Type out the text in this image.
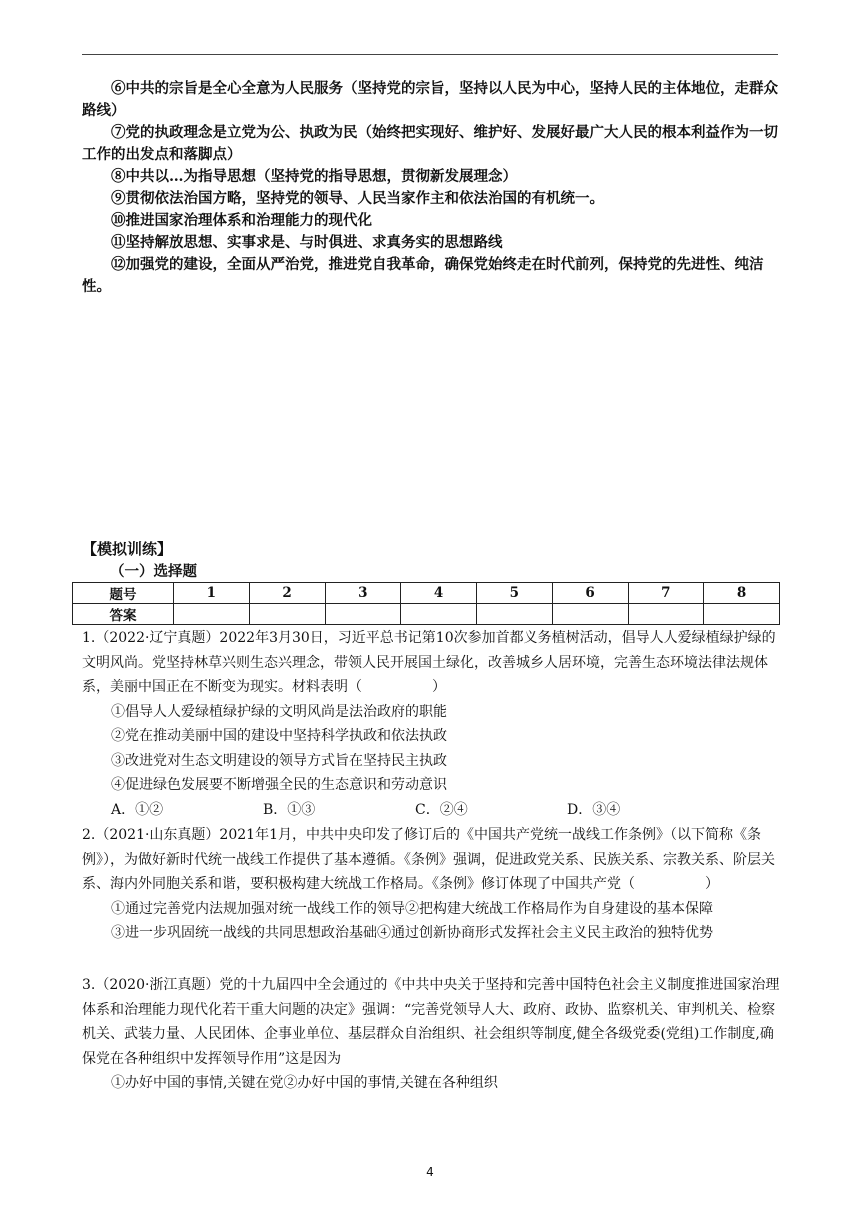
⑥中共的宗旨是全心全意为人民服务（坚持党的宗旨，坚持以人民为中心，坚持人民的主体地位，走群众路线）

⑦党的执政理念是立党为公、执政为民（始终把实现好、维护好、发展好最广大人民的根本利益作为一切工作的出发点和落脚点）

⑧中共以…为指导思想（坚持党的指导思想，贯彻新发展理念）

⑨贯彻依法治国方略，坚持党的领导、人民当家作主和依法治国的有机统一。

⑩推进国家治理体系和治理能力的现代化

⑪坚持解放思想、实事求是、与时俱进、求真务实的思想路线

⑫加强党的建设，全面从严治党，推进党自我革命，确保党始终走在时代前列，保持党的先进性、纯洁性。

【模拟训练】
（一）选择题
题号	1	2	3	4	5	6	7	8
答案								
1.（2022·辽宁真题）2022年3月30日，习近平总书记第10次参加首都义务植树活动，倡导人人爱绿植绿护绿的文明风尚。党坚持林草兴则生态兴理念，带领人民开展国土绿化，改善城乡人居环境，完善生态环境法律法规体系，美丽中国正在不断变为现实。材料表明（　　　　　）
①倡导人人爱绿植绿护绿的文明风尚是法治政府的职能
②党在推动美丽中国的建设中坚持科学执政和依法执政
③改进党对生态文明建设的领导方式旨在坚持民主执政
④促进绿色发展要不断增强全民的生态意识和劳动意识
A．①②	B．①③	C．②④	D．③④
2.（2021·山东真题）2021年1月，中共中央印发了修订后的《中国共产党统一战线工作条例》（以下简称《条例》），为做好新时代统一战线工作提供了基本遵循。《条例》强调，促进政党关系、民族关系、宗教关系、阶层关系、海内外同胞关系和谐，要积极构建大统战工作格局。《条例》修订体现了中国共产党（　　　　　）
①通过完善党内法规加强对统一战线工作的领导②把构建大统战工作格局作为自身建设的基本保障
③进一步巩固统一战线的共同思想政治基础④通过创新协商形式发挥社会主义民主政治的独特优势
3.（2020·浙江真题）党的十九届四中全会通过的《中共中央关于坚持和完善中国特色社会主义制度推进国家治理体系和治理能力现代化若干重大问题的决定》强调：“完善党领导人大、政府、政协、监察机关、审判机关、检察机关、武装力量、人民团体、企事业单位、基层群众自治组织、社会组织等制度,健全各级党委(党组)工作制度,确保党在各种组织中发挥领导作用”这是因为
①办好中国的事情,关键在党②办好中国的事情,关键在各种组织
4
